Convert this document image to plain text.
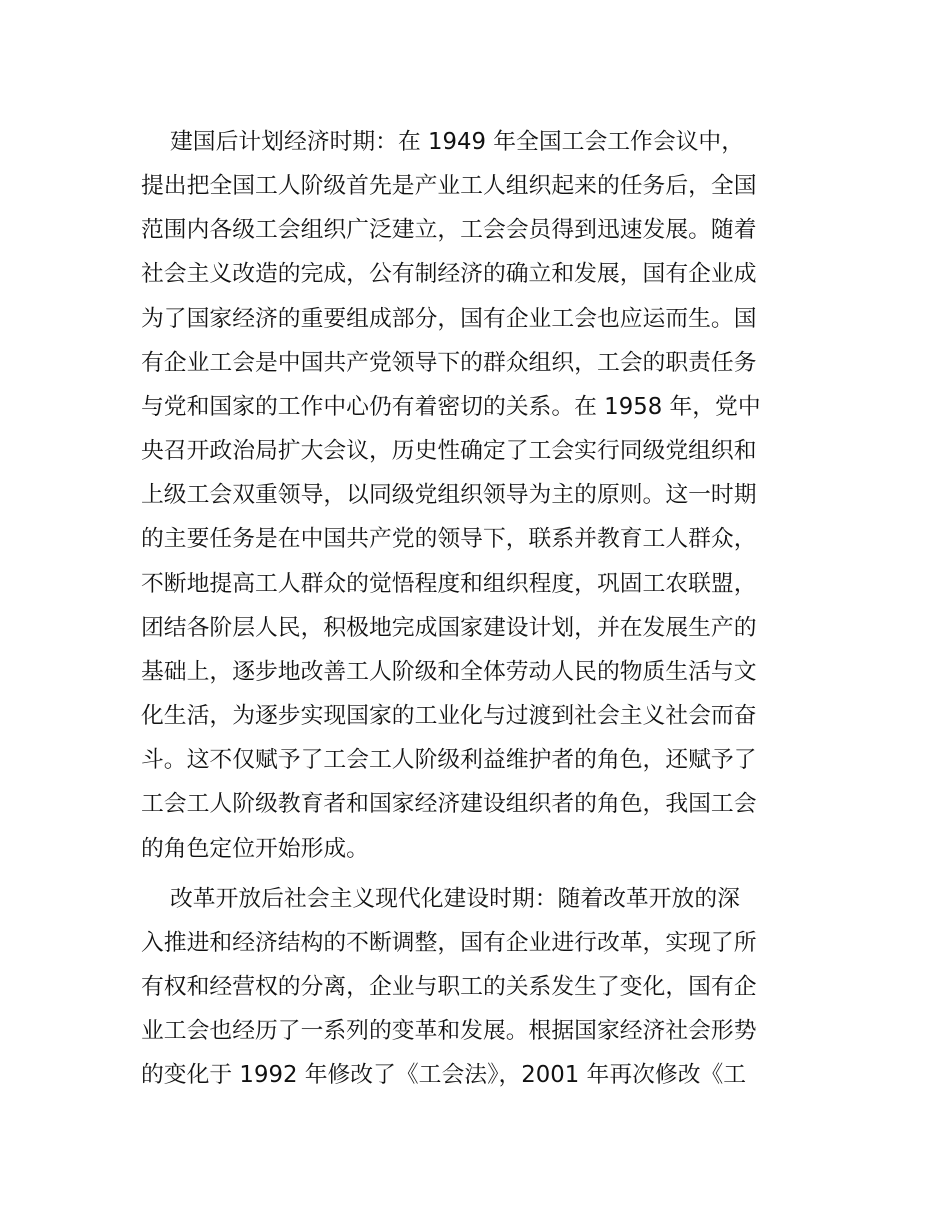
建国后计划经济时期：在 1949 年全国工会工作会议中，
提出把全国工人阶级首先是产业工人组织起来的任务后，全国
范围内各级工会组织广泛建立，工会会员得到迅速发展。随着
社会主义改造的完成，公有制经济的确立和发展，国有企业成
为了国家经济的重要组成部分，国有企业工会也应运而生。国
有企业工会是中国共产党领导下的群众组织，工会的职责任务
与党和国家的工作中心仍有着密切的关系。在 1958 年，党中
央召开政治局扩大会议，历史性确定了工会实行同级党组织和
上级工会双重领导，以同级党组织领导为主的原则。这一时期
的主要任务是在中国共产党的领导下，联系并教育工人群众，
不断地提高工人群众的觉悟程度和组织程度，巩固工农联盟，
团结各阶层人民，积极地完成国家建设计划，并在发展生产的
基础上，逐步地改善工人阶级和全体劳动人民的物质生活与文
化生活，为逐步实现国家的工业化与过渡到社会主义社会而奋
斗。这不仅赋予了工会工人阶级利益维护者的角色，还赋予了
工会工人阶级教育者和国家经济建设组织者的角色，我国工会
的角色定位开始形成。

改革开放后社会主义现代化建设时期：随着改革开放的深
入推进和经济结构的不断调整，国有企业进行改革，实现了所
有权和经营权的分离，企业与职工的关系发生了变化，国有企
业工会也经历了一系列的变革和发展。根据国家经济社会形势
的变化于 1992 年修改了《工会法》，2001 年再次修改《工
